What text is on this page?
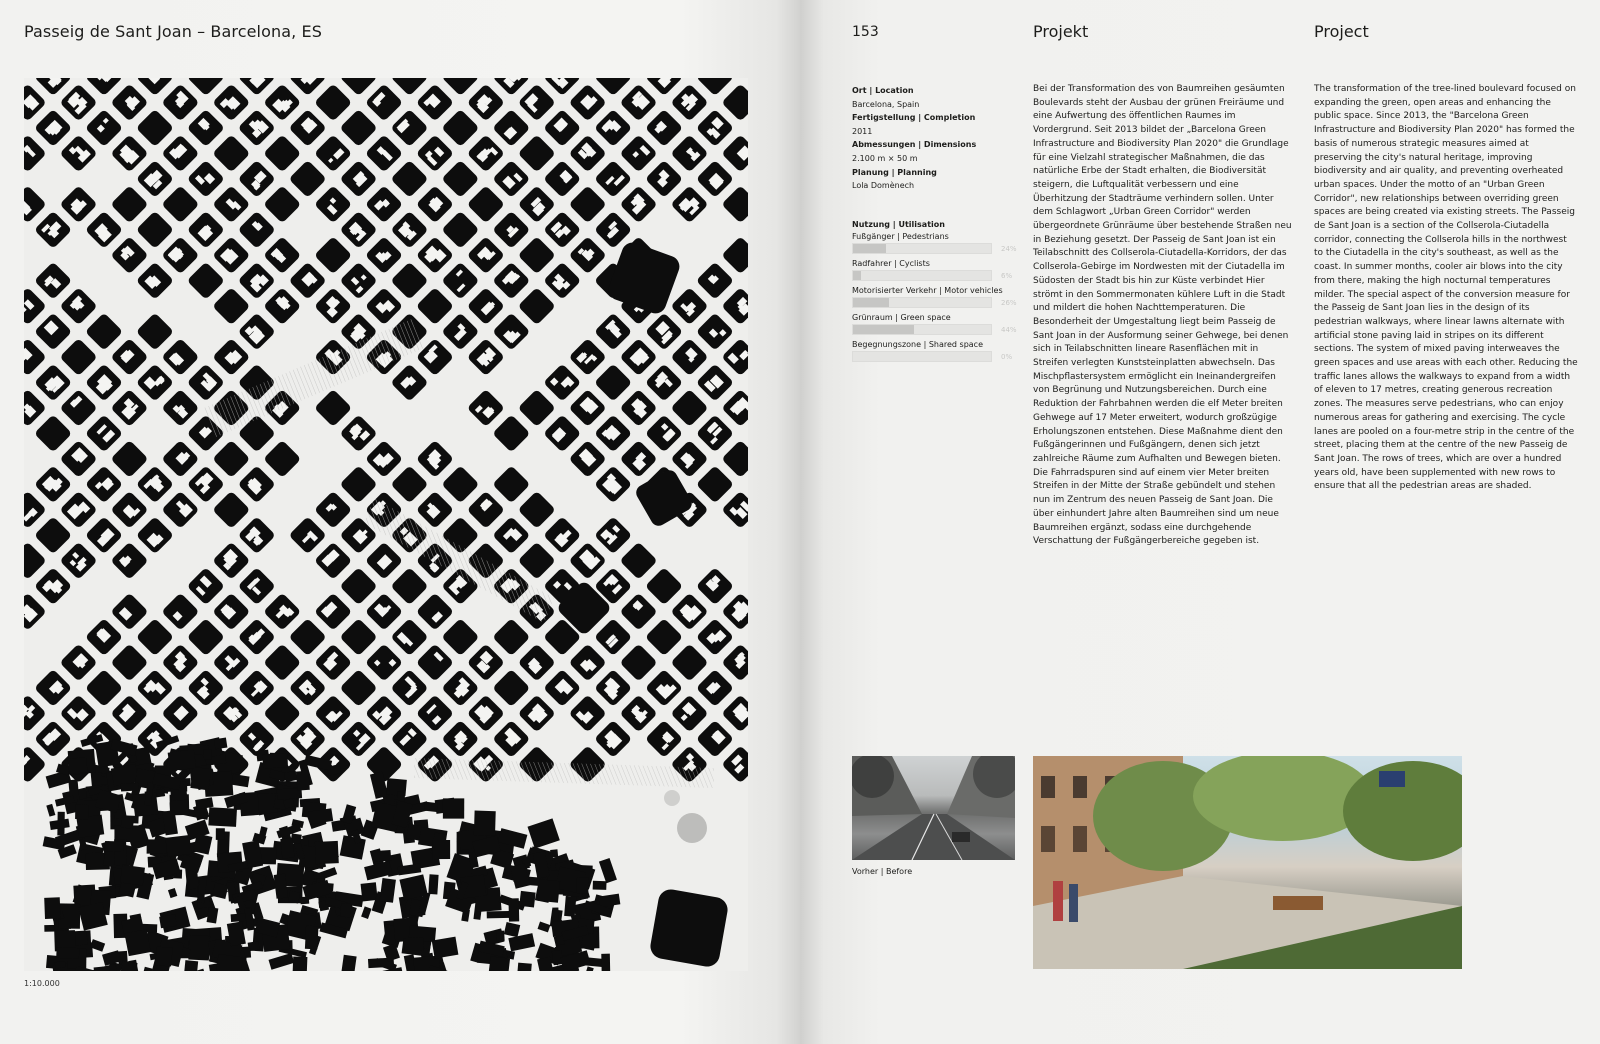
Passeig de Sant Joan – Barcelona, ES
1:10.000
153	Projekt	Project
Ort | Location
Barcelona, Spain
Fertigstellung | Completion
2011
Abmessungen | Dimensions
2.100 m × 50 m
Planung | Planning
Lola Domènech
Nutzung | Utilisation
Fußgänger | Pedestrians
24%
Radfahrer | Cyclists
6%
Motorisierter Verkehr | Motor vehicles
26%
Grünraum | Green space
44%
Begegnungszone | Shared space
0%

Bei der Transformation des von Baumreihen gesäumten Boulevards steht der Ausbau der grünen Freiräume und eine Aufwertung des öffentlichen Raumes im Vordergrund. Seit 2013 bildet der „Barcelona Green Infrastructure and Biodiversity Plan 2020" die Grundlage für eine Vielzahl strategischer Maßnahmen, die das natürliche Erbe der Stadt erhalten, die Biodiversität steigern, die Luftqualität verbessern und eine Überhitzung der Stadträume verhindern sollen. Unter dem Schlagwort „Urban Green Corridor" werden übergeordnete Grünräume über bestehende Straßen neu in Beziehung gesetzt. Der Passeig de Sant Joan ist ein Teilabschnitt des Collserola-Ciutadella-Korridors, der das Collserola-Gebirge im Nordwesten mit der Ciutadella im Südosten der Stadt bis hin zur Küste verbindet Hier strömt in den Sommermonaten kühlere Luft in die Stadt und mildert die hohen Nachttemperaturen. Die Besonderheit der Umgestaltung liegt beim Passeig de Sant Joan in der Ausformung seiner Gehwege, bei denen sich in Teilabschnitten lineare Rasenflächen mit in Streifen verlegten Kunststeinplatten abwechseln. Das Mischpflastersystem ermöglicht ein Ineinandergreifen von Begrünung und Nutzungsbereichen. Durch eine Reduktion der Fahrbahnen werden die elf Meter breiten Gehwege auf 17 Meter erweitert, wodurch großzügige Erholungszonen entstehen. Diese Maßnahme dient den Fußgängerinnen und Fußgängern, denen sich jetzt zahlreiche Räume zum Aufhalten und Bewegen bieten. Die Fahrradspuren sind auf einem vier Meter breiten Streifen in der Mitte der Straße gebündelt und stehen nun im Zentrum des neuen Passeig de Sant Joan. Die über einhundert Jahre alten Baumreihen sind um neue Baumreihen ergänzt, sodass eine durchgehende Verschattung der Fußgängerbereiche gegeben ist.

The transformation of the tree-lined boulevard focused on expanding the green, open areas and enhancing the public space. Since 2013, the "Barcelona Green Infrastructure and Biodiversity Plan 2020" has formed the basis of numerous strategic measures aimed at preserving the city's natural heritage, improving biodiversity and air quality, and preventing overheated urban spaces. Under the motto of an "Urban Green Corridor", new relationships between overriding green spaces are being created via existing streets. The Passeig de Sant Joan is a section of the Collserola-Ciutadella corridor, connecting the Collserola hills in the northwest to the Ciutadella in the city's southeast, as well as the coast. In summer months, cooler air blows into the city from there, making the high nocturnal temperatures milder. The special aspect of the conversion measure for the Passeig de Sant Joan lies in the design of its pedestrian walkways, where linear lawns alternate with artificial stone paving laid in stripes on its different sections. The system of mixed paving interweaves the green spaces and use areas with each other. Reducing the traffic lanes allows the walkways to expand from a width of eleven to 17 metres, creating generous recreation zones. The measures serve pedestrians, who can enjoy numerous areas for gathering and exercising. The cycle lanes are pooled on a four-metre strip in the centre of the street, placing them at the centre of the new Passeig de Sant Joan. The rows of trees, which are over a hundred years old, have been supplemented with new rows to ensure that all the pedestrian areas are shaded.

Vorher | Before
